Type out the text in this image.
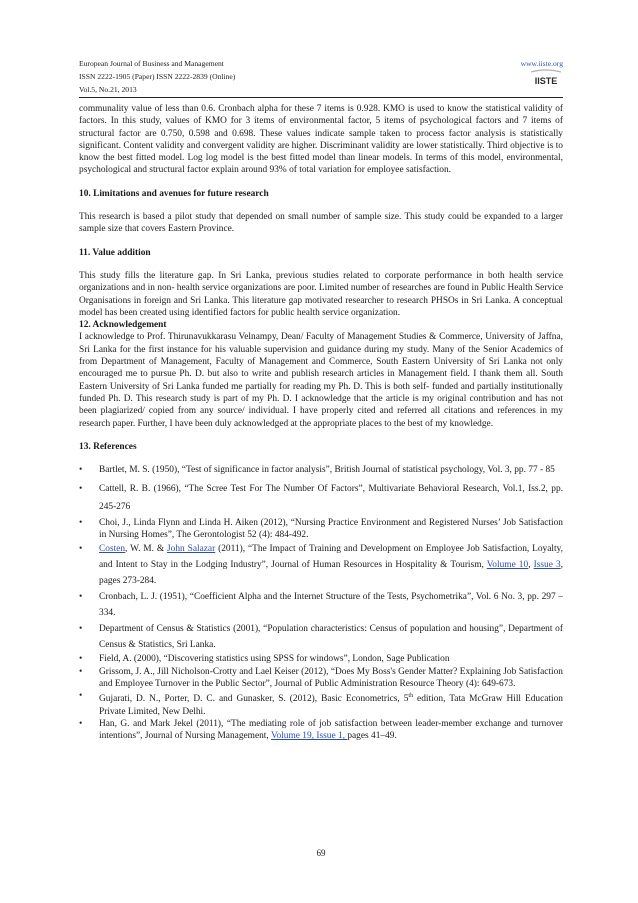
European Journal of Business and Management
ISSN 2222-1905 (Paper) ISSN 2222-2839 (Online)
Vol.5, No.21, 2013
www.iiste.org
IISTE

communality value of less than 0.6. Cronbach alpha for these 7 items is 0.928. KMO is used to know the statistical validity of factors. In this study, values of KMO for 3 items of environmental factor, 5 items of psychological factors and 7 items of structural factor are 0.750, 0.598 and 0.698. These values indicate sample taken to process factor analysis is statistically significant. Content validity and convergent validity are higher. Discriminant validity are lower statistically. Third objective is to know the best fitted model. Log log model is the best fitted model than linear models. In terms of this model, environmental, psychological and structural factor explain around 93% of total variation for employee satisfaction.

10. Limitations and avenues for future research

This research is based a pilot study that depended on small number of sample size. This study could be expanded to a larger sample size that covers Eastern Province.

11. Value addition

This study fills the literature gap. In Sri Lanka, previous studies related to corporate performance in both health service organizations and in non- health service organizations are poor. Limited number of researches are found in Public Health Service Organisations in foreign and Sri Lanka. This literature gap motivated researcher to research PHSOs in Sri Lanka. A conceptual model has been created using identified factors for public health service organization.

12. Acknowledgement

I acknowledge to Prof. Thirunavukkarasu Velnampy, Dean/ Faculty of Management Studies & Commerce, University of Jaffna, Sri Lanka for the first instance for his valuable supervision and guidance during my study. Many of the Senior Academics of from Department of Management, Faculty of Management and Commerce, South Eastern University of Sri Lanka not only encouraged me to pursue Ph. D. but also to write and publish research articles in Management field. I thank them all. South Eastern University of Sri Lanka funded me partially for reading my Ph. D. This is both self- funded and partially institutionally funded Ph. D. This research study is part of my Ph. D. I acknowledge that the article is my original contribution and has not been plagiarized/ copied from any source/ individual. I have properly cited and referred all citations and references in my research paper. Further, I have been duly acknowledged at the appropriate places to the best of my knowledge.

13. References
• Bartlet, M. S. (1950), “Test of significance in factor analysis”, British Journal of statistical psychology, Vol. 3, pp. 77 - 85
• Cattell, R. B. (1966), “The Scree Test For The Number Of Factors”, Multivariate Behavioral Research, Vol.1, Iss.2, pp. 245-276
• Choi, J., Linda Flynn and Linda H. Aiken (2012), “Nursing Practice Environment and Registered Nurses’ Job Satisfaction in Nursing Homes”, The Gerontologist 52 (4): 484-492.
• Costen, W. M. & John Salazar (2011), “The Impact of Training and Development on Employee Job Satisfaction, Loyalty, and Intent to Stay in the Lodging Industry”, Journal of Human Resources in Hospitality & Tourism, Volume 10, Issue 3, pages 273-284.
• Cronbach, L. J. (1951), “Coefficient Alpha and the Internet Structure of the Tests, Psychometrika”, Vol. 6 No. 3, pp. 297 – 334.
• Department of Census & Statistics (2001), “Population characteristics: Census of population and housing”, Department of Census & Statistics, Sri Lanka.
• Field, A. (2000), “Discovering statistics using SPSS for windows”, London, Sage Publication
• Grissom, J. A., Jill Nicholson-Crotty and Lael Keiser (2012), “Does My Boss's Gender Matter? Explaining Job Satisfaction and Employee Turnover in the Public Sector”, Journal of Public Administration Resource Theory (4): 649-673.
• Gujarati, D. N., Porter, D. C. and Gunasker, S. (2012), Basic Econometrics, 5th edition, Tata McGraw Hill Education Private Limited, New Delhi.
• Han, G. and Mark Jekel (2011), “The mediating role of job satisfaction between leader-member exchange and turnover intentions”, Journal of Nursing Management, Volume 19, Issue 1, pages 41–49.
69
